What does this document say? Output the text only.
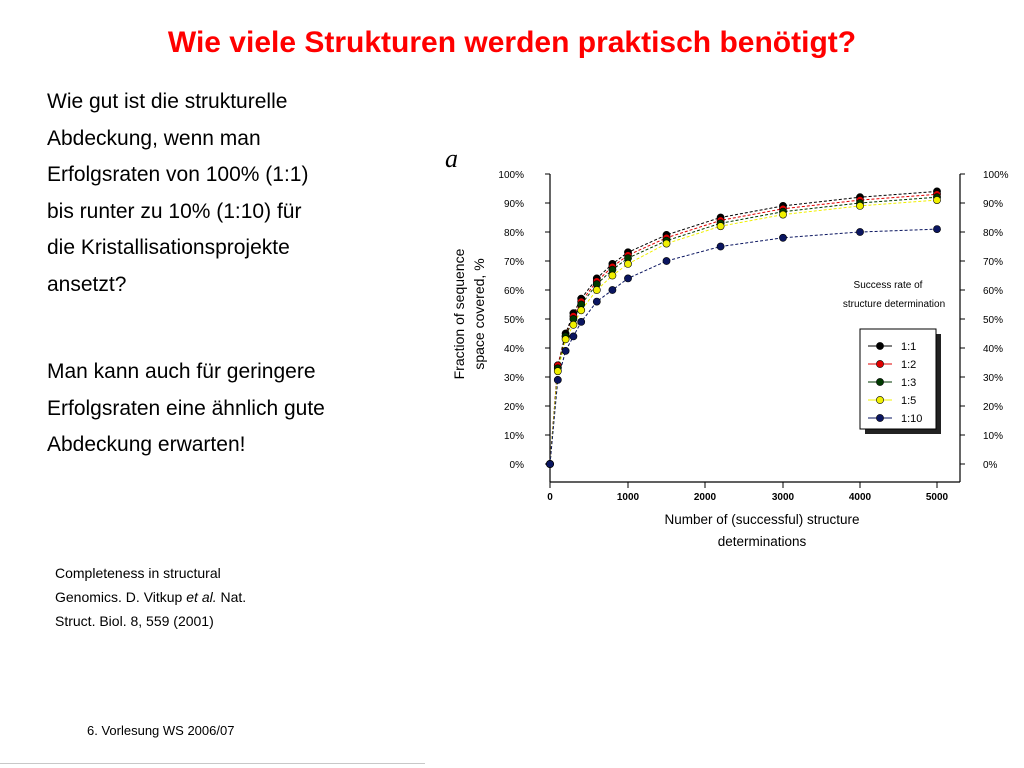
Wie viele Strukturen werden praktisch benötigt?
Wie gut ist die strukturelle
Abdeckung, wenn man
Erfolgsraten von 100% (1:1)
bis runter zu 10% (1:10) für
die Kristallisationsprojekte
ansetzt?
Man kann auch für geringere
Erfolgsraten eine ähnlich gute
Abdeckung erwarten!
Completeness in structural
Genomics. D. Vitkup et al. Nat.
Struct. Biol. 8, 559 (2001)
6. Vorlesung WS 2006/07
a
0%	0%
10%	10%
20%	20%
30%	30%
40%	40%
50%	50%
60%	60%
70%	70%
80%	80%
90%	90%
100%	100%
0	1000	2000	3000	4000	5000
Number of (successful) structure
determinations
Fraction of sequence space covered, %	Success rate of
structure determination
1:1
1:2
1:3
1:5
1:10
